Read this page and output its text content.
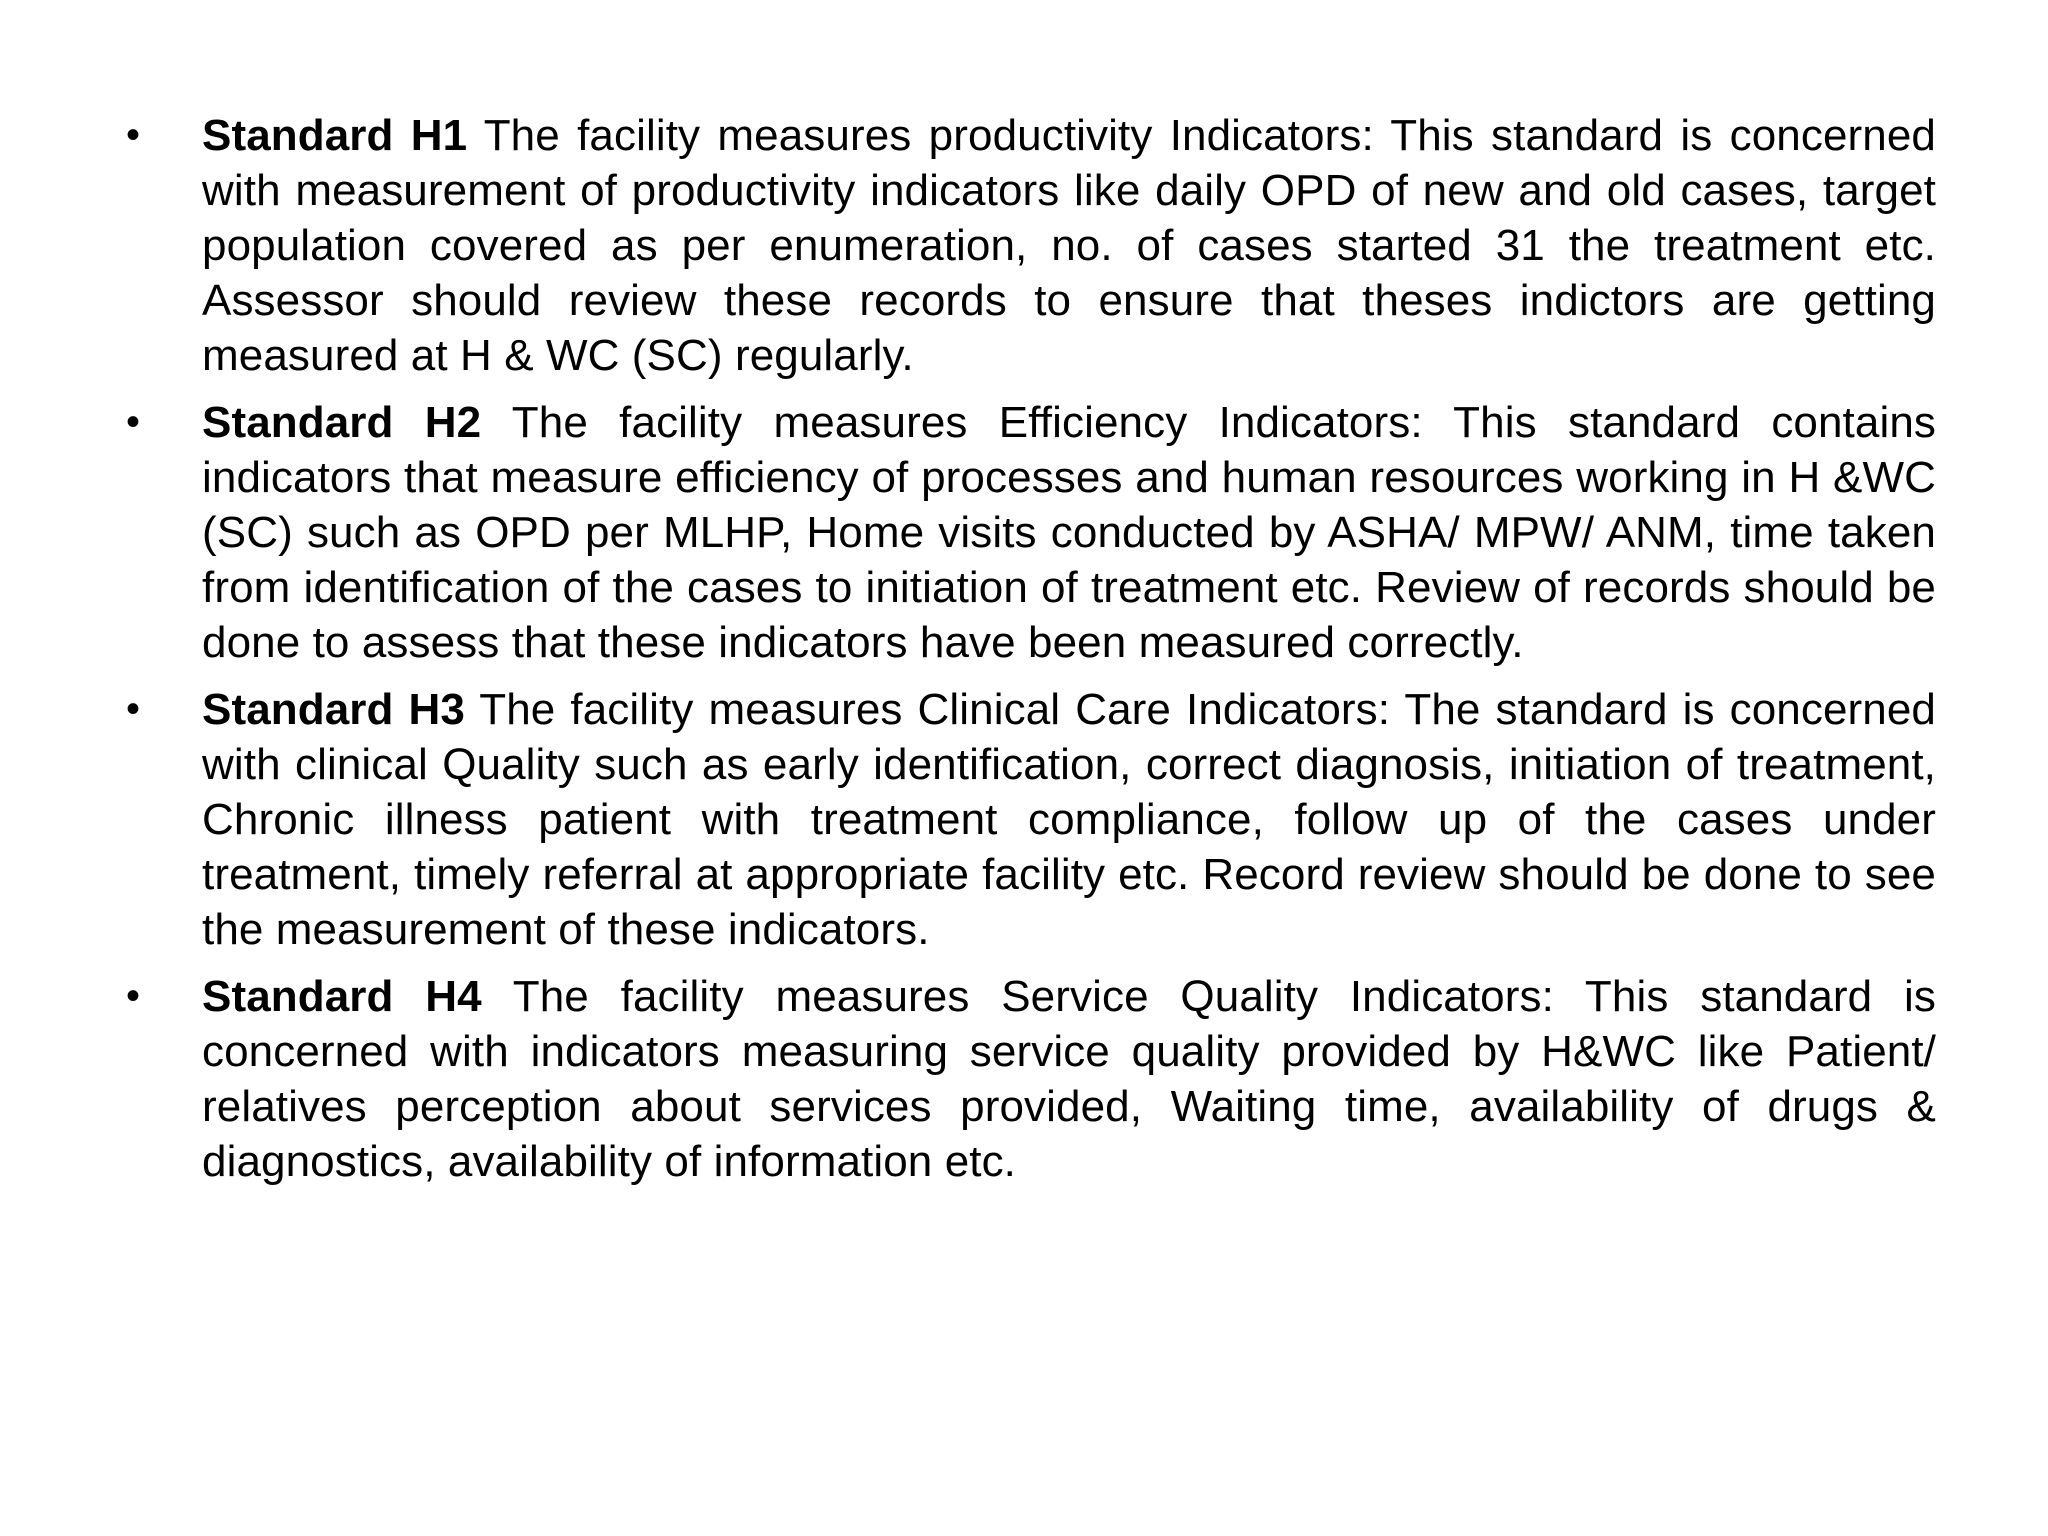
• Standard H1 The facility measures productivity Indicators: This standard is concerned with measurement of productivity indicators like daily OPD of new and old cases, target population covered as per enumeration, no. of cases started 31 the treatment etc. Assessor should review these records to ensure that theses indictors are getting measured at H & WC (SC) regularly.

• Standard H2 The facility measures Efficiency Indicators: This standard contains indicators that measure efficiency of processes and human resources working in H &WC (SC) such as OPD per MLHP, Home visits conducted by ASHA/ MPW/ ANM, time taken from identification of the cases to initiation of treatment etc. Review of records should be done to assess that these indicators have been measured correctly.

• Standard H3 The facility measures Clinical Care Indicators: The standard is concerned with clinical Quality such as early identification, correct diagnosis, initiation of treatment, Chronic illness patient with treatment compliance, follow up of the cases under treatment, timely referral at appropriate facility etc. Record review should be done to see the measurement of these indicators.

• Standard H4 The facility measures Service Quality Indicators: This standard is concerned with indicators measuring service quality provided by H&WC like Patient/ relatives perception about services provided, Waiting time, availability of drugs & diagnostics, availability of information etc.
